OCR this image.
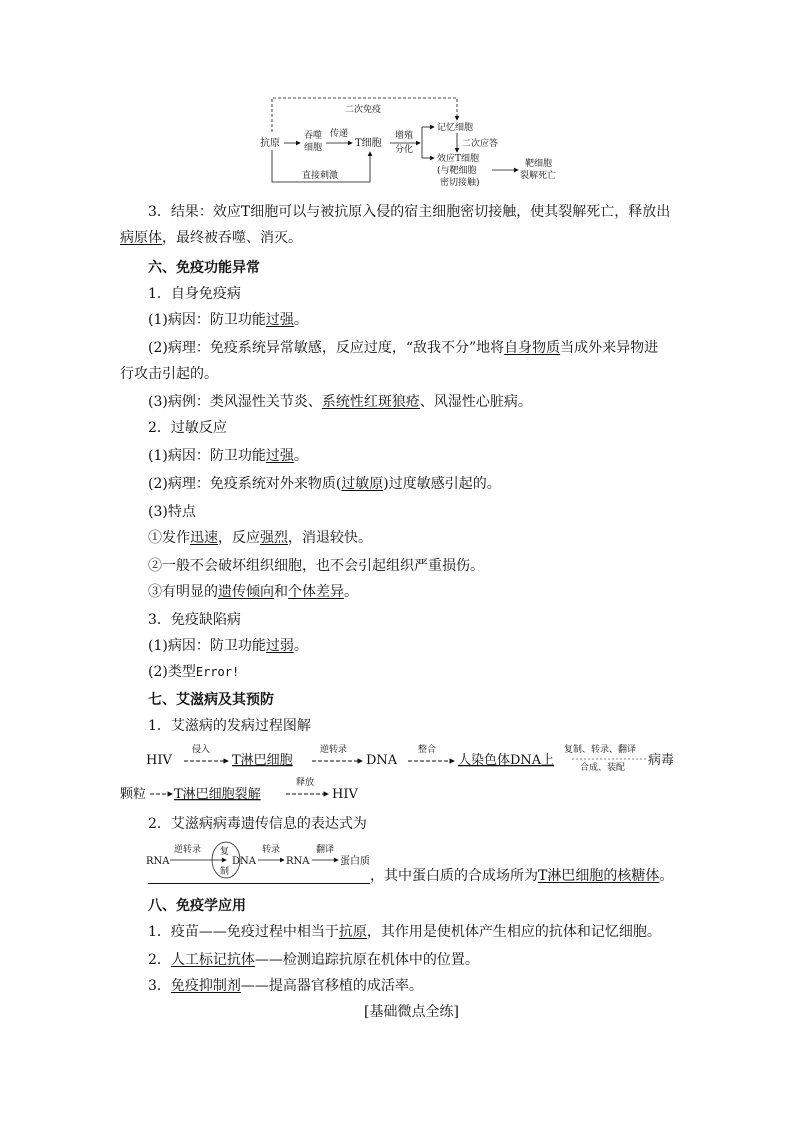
二次免疫
抗原
吞噬
细胞
传递
T细胞
增殖
分化
记忆细胞
二次应答
效应T细胞
(与靶细胞
密切接触)
靶细胞
裂解死亡
直接刺激
3．结果：效应T细胞可以与被抗原入侵的宿主细胞密切接触，使其裂解死亡，释放出
病原体，最终被吞噬、消灭。
六、免疫功能异常
1．自身免疫病
(1)病因：防卫功能过强。
(2)病理：免疫系统异常敏感，反应过度，“敌我不分”地将自身物质当成外来异物进
行攻击引起的。
(3)病例：类风湿性关节炎、系统性红斑狼疮、风湿性心脏病。
2．过敏反应
(1)病因：防卫功能过强。
(2)病理：免疫系统对外来物质(过敏原)过度敏感引起的。
(3)特点
①发作迅速，反应强烈，消退较快。
②一般不会破坏组织细胞，也不会引起组织严重损伤。
③有明显的遗传倾向和个体差异。
3．免疫缺陷病
(1)病因：防卫功能过弱。
(2)类型Error!
七、艾滋病及其预防
1．艾滋病的发病过程图解
HIV
侵入
T淋巴细胞
逆转录
DNA
整合
人染色体DNA上
复制、转录、翻译
合成、装配 病毒
颗粒 T淋巴细胞裂解
释放
HIV
2．艾滋病病毒遗传信息的表达式为
RNA
逆转录 复
制
DNA
转录
RNA
翻译
蛋白质
，其中蛋白质的合成场所为T淋巴细胞的核糖体。
八、免疫学应用
1．疫苗——免疫过程中相当于抗原，其作用是使机体产生相应的抗体和记忆细胞。
2．人工标记抗体——检测追踪抗原在机体中的位置。
3．免疫抑制剂——提高器官移植的成活率。
[基础微点全练]
